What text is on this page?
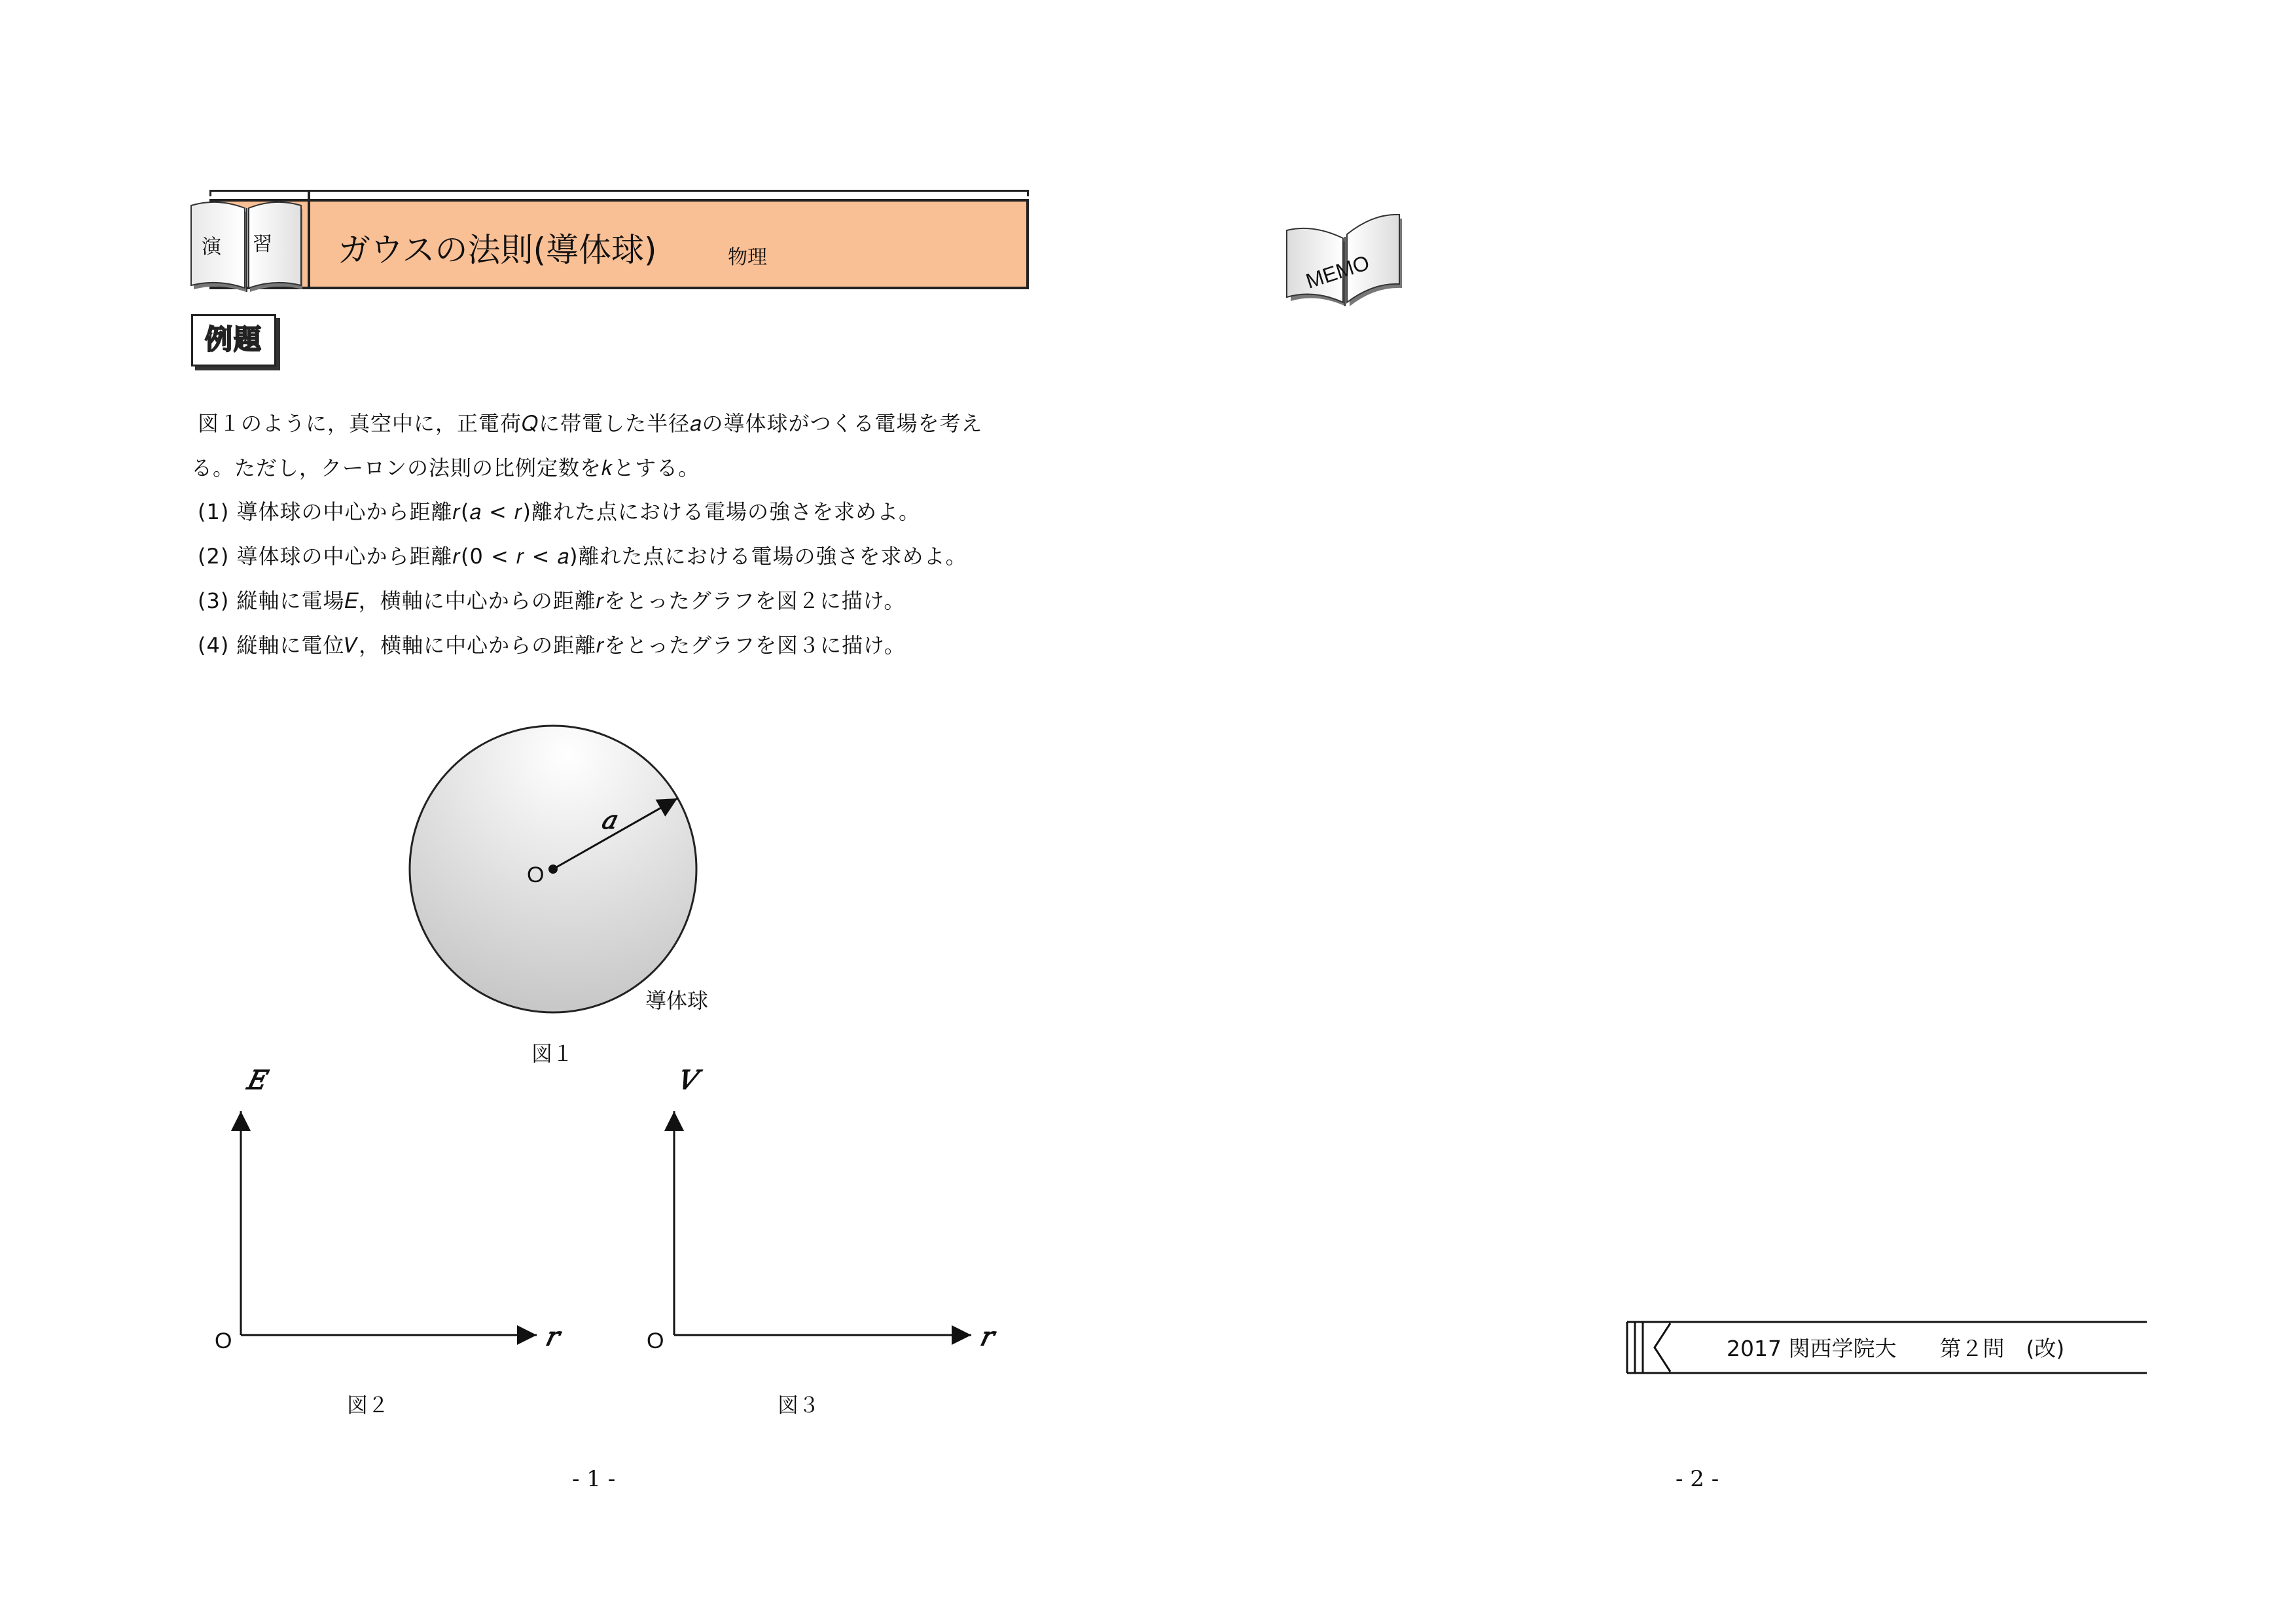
ガウスの法則(導体球)	物理
演 習
例題
図１のように，真空中に，正電荷𝑄に帯電した半径𝑎の導体球がつくる電場を考え
る。ただし，クーロンの法則の比例定数を𝑘とする。
(1) 導体球の中心から距離𝑟(𝑎 < 𝑟)離れた点における電場の強さを求めよ。
(2) 導体球の中心から距離𝑟(0 < 𝑟 < 𝑎)離れた点における電場の強さを求めよ。
(3) 縦軸に電場𝐸，横軸に中心からの距離𝑟をとったグラフを図２に描け。
(4) 縦軸に電位𝑉，横軸に中心からの距離𝑟をとったグラフを図３に描け。
O
𝑎
導体球
図１
𝐸
𝑟
O
図２
𝑉
𝑟
O
図３
MEMO
2017 関西学院大　　第２問　(改)
- 1 -	- 2 -
